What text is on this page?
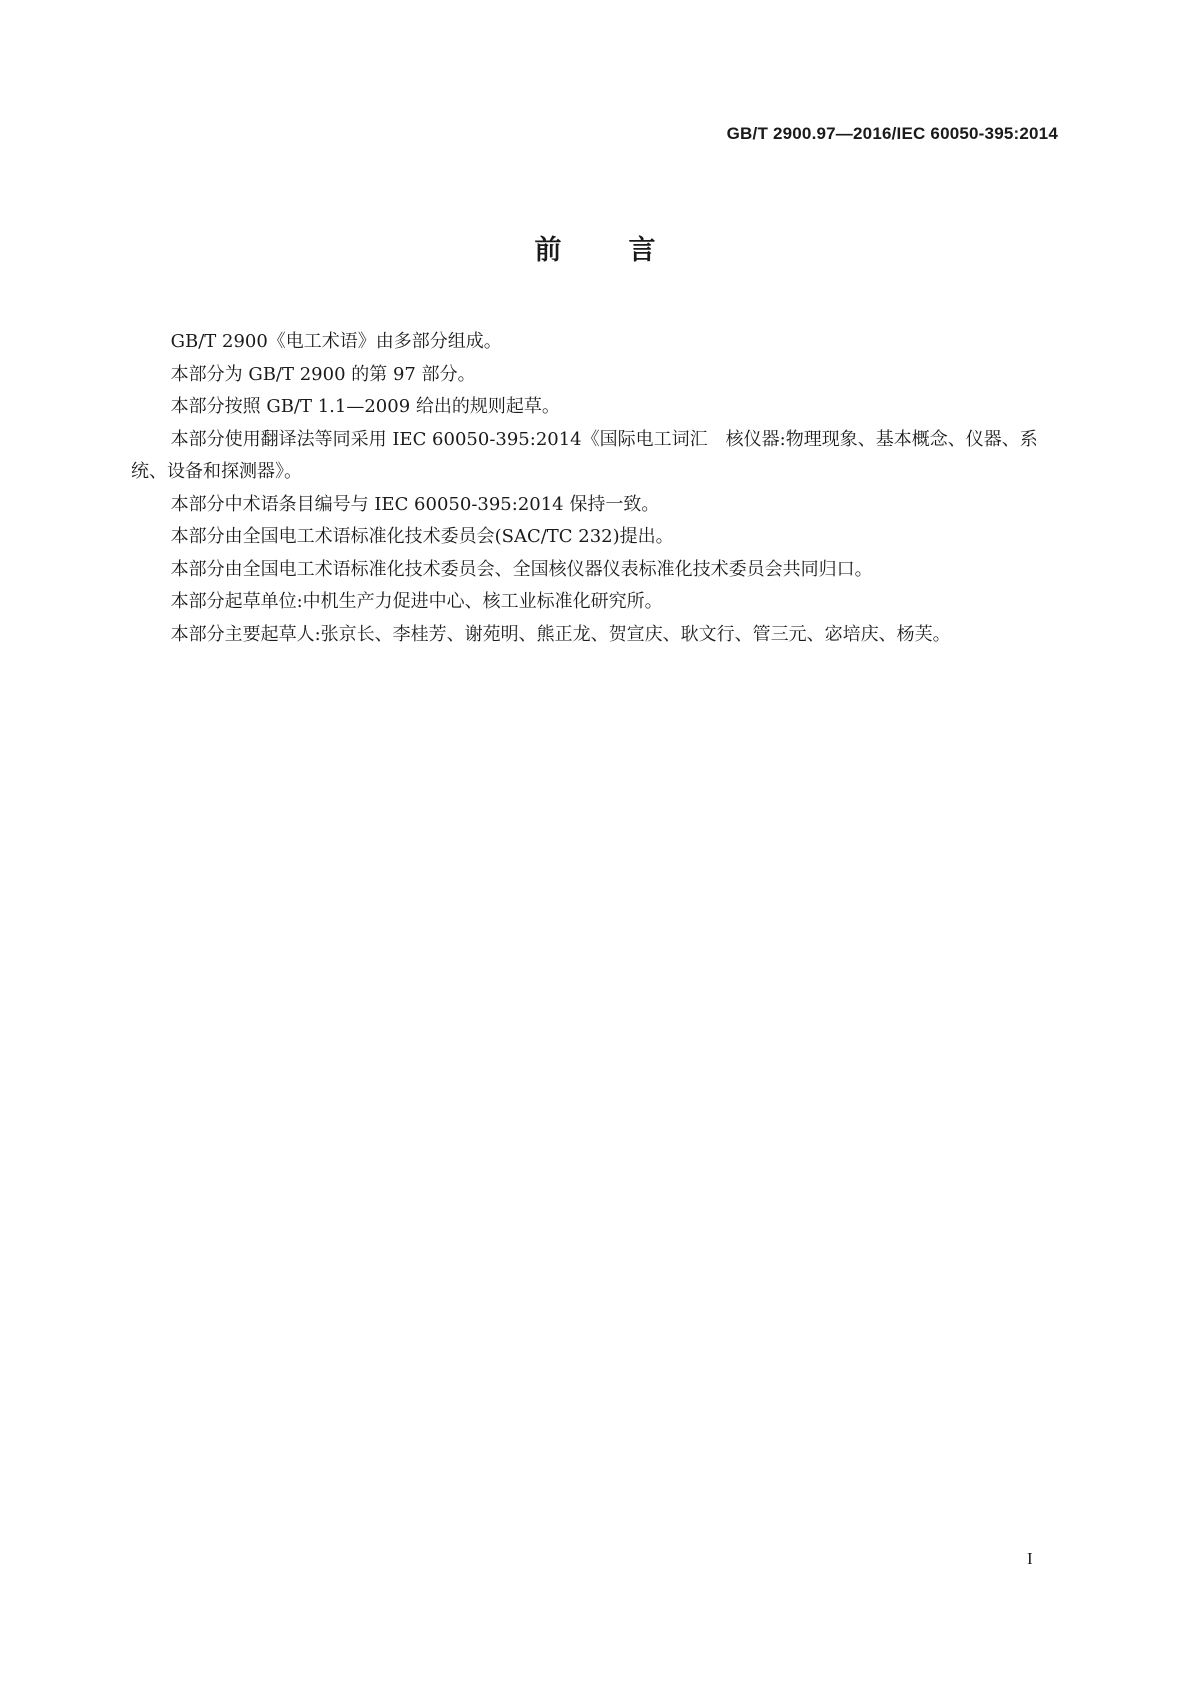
GB/T 2900.97—2016/IEC 60050-395:2014
前 言

GB/T 2900《电工术语》由多部分组成。

本部分为 GB/T 2900 的第 97 部分。

本部分按照 GB/T 1.1—2009 给出的规则起草。

本部分使用翻译法等同采用 IEC 60050-395:2014《国际电工词汇　核仪器:物理现象、基本概念、仪器、系统、设备和探测器》。

本部分中术语条目编号与 IEC 60050-395:2014 保持一致。

本部分由全国电工术语标准化技术委员会(SAC/TC 232)提出。

本部分由全国电工术语标准化技术委员会、全国核仪器仪表标准化技术委员会共同归口。

本部分起草单位:中机生产力促进中心、核工业标准化研究所。

本部分主要起草人:张京长、李桂芳、谢苑明、熊正龙、贺宣庆、耿文行、管三元、宓培庆、杨芙。

I
